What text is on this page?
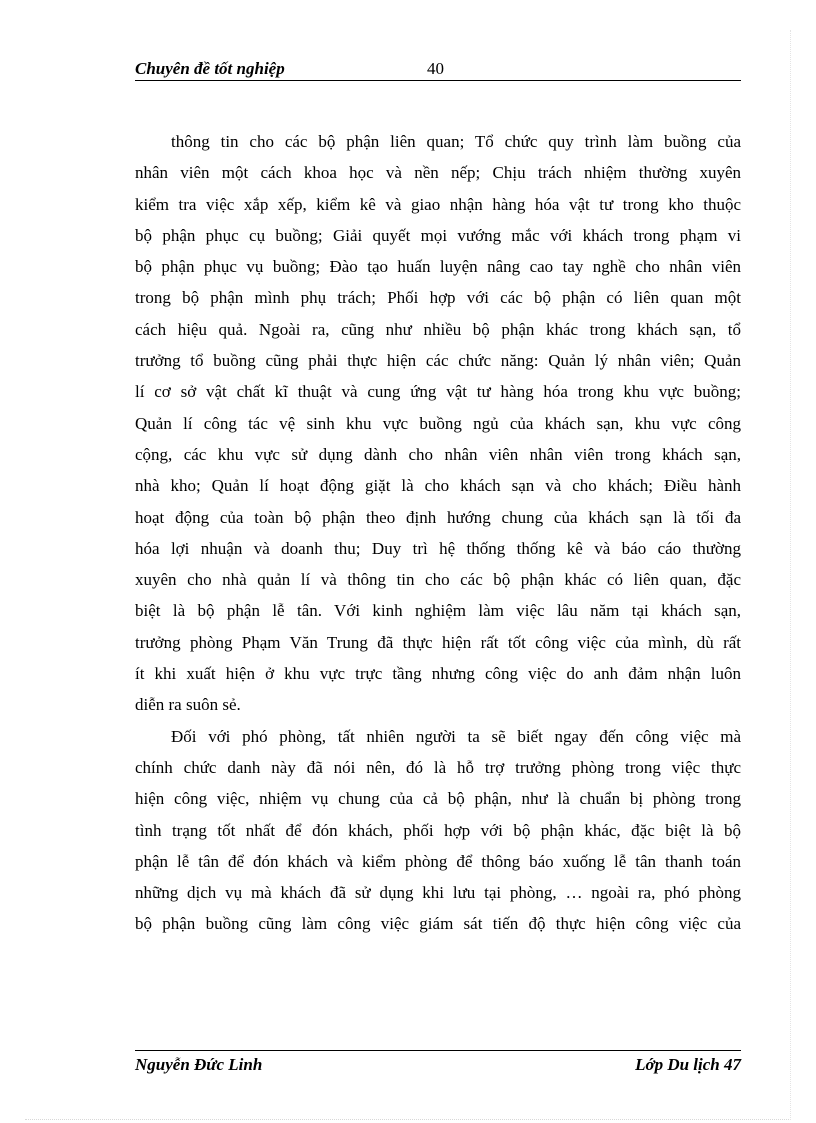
Chuyên đề tốt nghiệp	40
thông tin cho các bộ phận liên quan; Tổ chức quy trình làm buồng của
nhân viên một cách khoa học và nền nếp; Chịu trách nhiệm thường xuyên
kiểm tra việc xắp xếp, kiểm kê và giao nhận hàng hóa vật tư trong kho thuộc
bộ phận phục cụ buồng; Giải quyết mọi vướng mắc với khách trong phạm vi
bộ phận phục vụ buồng; Đào tạo huấn luyện nâng cao tay nghề cho nhân viên
trong bộ phận mình phụ trách; Phối hợp với các bộ phận có liên quan một
cách hiệu quả. Ngoài ra, cũng như nhiều bộ phận khác trong khách sạn, tổ
trưởng tổ buồng cũng phải thực hiện các chức năng: Quản lý nhân viên; Quản
lí cơ sở vật chất kĩ thuật và cung ứng vật tư hàng hóa trong khu vực buồng;
Quản lí công tác vệ sinh khu vực buồng ngủ của khách sạn, khu vực công
cộng, các khu vực sử dụng dành cho nhân viên nhân viên trong khách sạn,
nhà kho; Quản lí hoạt động giặt là cho khách sạn và cho khách; Điều hành
hoạt động của toàn bộ phận theo định hướng chung của khách sạn là tối đa
hóa lợi nhuận và doanh thu; Duy trì hệ thống thống kê và báo cáo thường
xuyên cho nhà quản lí và thông tin cho các bộ phận khác có liên quan, đặc
biệt là bộ phận lễ tân. Với kinh nghiệm làm việc lâu năm tại khách sạn,
trưởng phòng Phạm Văn Trung đã thực hiện rất tốt công việc của mình, dù rất
ít khi xuất hiện ở khu vực trực tầng nhưng công việc do anh đảm nhận luôn
diễn ra suôn sẻ.
Đối với phó phòng, tất nhiên người ta sẽ biết ngay đến công việc mà
chính chức danh này đã nói nên, đó là hỗ trợ trưởng phòng trong việc thực
hiện công việc, nhiệm vụ chung của cả bộ phận, như là chuẩn bị phòng trong
tình trạng tốt nhất để đón khách, phối hợp với bộ phận khác, đặc biệt là bộ
phận lễ tân để đón khách và kiểm phòng để thông báo xuống lễ tân thanh toán
những dịch vụ mà khách đã sử dụng khi lưu tại phòng, … ngoài ra, phó phòng
bộ phận buồng cũng làm công việc giám sát tiến độ thực hiện công việc của
Nguyễn Đức Linh	Lớp Du lịch 47
